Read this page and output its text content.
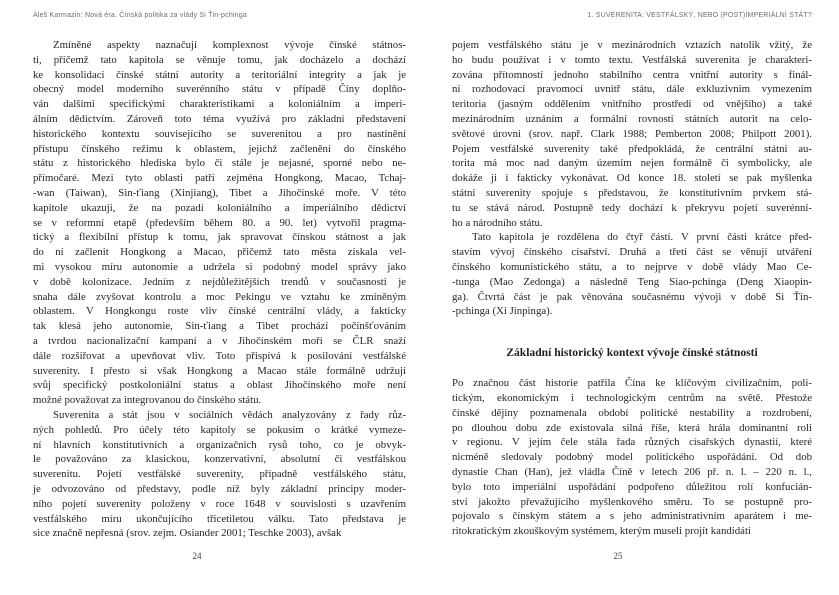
Aleš Karmazin: Nová éra. Čínská politika za vlády Si Ťin-pchinga
Zmíněné aspekty naznačují komplexnost vývoje čínské státnos-
ti, přičemž tato kapitola se věnuje tomu, jak docházelo a dochází
ke konsolidaci čínské státní autority a teritoriální integrity a jak je
obecný model moderního suverénního státu v případě Číny doplňo-
ván dalšími specifickými charakteristikami a koloniálním a imperi-
álním dědictvím. Zároveň toto téma využívá pro základní představení
historického kontextu souvisejícího se suverenitou a pro nastínění
přístupu čínského režimu k oblastem, jejichž začlenění do čínského
státu z historického hlediska bylo či stále je nejasné, sporné nebo ne-
přímočaré. Mezi tyto oblasti patří zejména Hongkong, Macao, Tchaj-
-wan (Taiwan), Sin-ťiang (Xinjiang), Tibet a Jihočínské moře. V této
kapitole ukazuji, že na pozadí koloniálního a imperiálního dědictví
se v reformní etapě (především během 80. a 90. let) vytvořil pragma-
tický a flexibilní přístup k tomu, jak spravovat čínskou státnost a jak
do ní začlenit Hongkong a Macao, přičemž tato města získala vel-
mi vysokou míru autonomie a udržela si podobný model správy jako
v době kolonizace. Jedním z nejdůležitějších trendů v současnosti je
snaha dále zvyšovat kontrolu a moc Pekingu ve vztahu ke zmíněným
oblastem. V Hongkongu roste vliv čínské centrální vlády, a fakticky
tak klesá jeho autonomie, Sin-ťiang a Tibet prochází počínšťováním
a tvrdou nacionalizační kampaní a v Jihočínském moři se ČLR snaží
dále rozšiřovat a upevňovat vliv. Toto přispívá k posilování vestfálské
suverenity. I přesto si však Hongkong a Macao stále formálně udržují
svůj specifický postkoloniální status a oblast Jihočínského moře není
možné považovat za integrovanou do čínského státu.
Suverenita a stát jsou v sociálních vědách analyzovány z řady růz-
ných pohledů. Pro účely této kapitoly se pokusím o krátké vymeze-
ní hlavních konstitutivních a organizačních rysů toho, co je obvyk-
le považováno za klasickou, konzervativní, absolutní či vestfálskou
suverenitu. Pojetí vestfálské suverenity, případně vestfálského státu,
je odvozováno od představy, podle níž byly základní principy moder-
ního pojetí suverenity položeny v roce 1648 v souvislosti s uzavřením
vestfálského míru ukončujícího třicetiletou válku. Tato představa je
sice značně nepřesná (srov. zejm. Osiander 2001; Teschke 2003), avšak
24
1. SUVERENITA: VESTFÁLSKÝ, NEBO (POST)IMPERIÁLNÍ STÁT?
pojem vestfálského státu je v mezinárodních vztazích natolik vžitý, že
ho budu používat i v tomto textu. Vestfálská suverenita je charakteri-
zována přítomností jednoho stabilního centra vnitřní autority s finál-
ní rozhodovací pravomocí uvnitř státu, dále exkluzivním vymezením
teritoria (jasným oddělením vnitřního prostředí od vnějšího) a také
mezinárodním uznáním a formální rovností státních autorit na celo-
světové úrovni (srov. např. Clark 1988; Pemberton 2008; Philpott 2001).
Pojem vestfálské suverenity také předpokládá, že centrální státní au-
torita má moc nad daným územím nejen formálně či symbolicky, ale
dokáže ji i fakticky vykonávat. Od konce 18. století se pak myšlenka
státní suverenity spojuje s představou, že konstitutivním prvkem stá-
tu se stává národ. Postupně tedy dochází k překryvu pojetí suverénní-
ho a národního státu.
Tato kapitola je rozdělena do čtyř částí. V první části krátce před-
stavím vývoj čínského císařství. Druhá a třetí část se věnují utváření
čínského komunistického státu, a to nejprve v době vlády Mao Ce-
-tunga (Mao Zedonga) a následně Teng Siao-pchinga (Deng Xiaopin-
ga). Čtvrtá část je pak věnována současnému vývoji v době Si Ťin-
-pchinga (Xi Jinpinga).
Základní historický kontext vývoje čínské státnosti
Po značnou část historie patřila Čína ke klíčovým civilizačním, poli-
tickým, ekonomickým i technologickým centrům na světě. Přestože
čínské dějiny poznamenala období politické nestability a rozdrobení,
po dlouhou dobu zde existovala silná říše, která hrála dominantní roli
v regionu. V jejím čele stála řada různých císařských dynastií, které
nicméně sledovaly podobný model politického uspořádání. Od dob
dynastie Chan (Han), jež vládla Číně v letech 206 př. n. l. – 220 n. l.,
bylo toto imperiální uspořádání podpořeno důležitou rolí konfucián-
ství jakožto převažujícího myšlenkového směru. To se postupně pro-
pojovalo s čínským státem a s jeho administrativním aparátem i me-
ritokratickým zkouškovým systémem, kterým museli projít kandidáti
25
